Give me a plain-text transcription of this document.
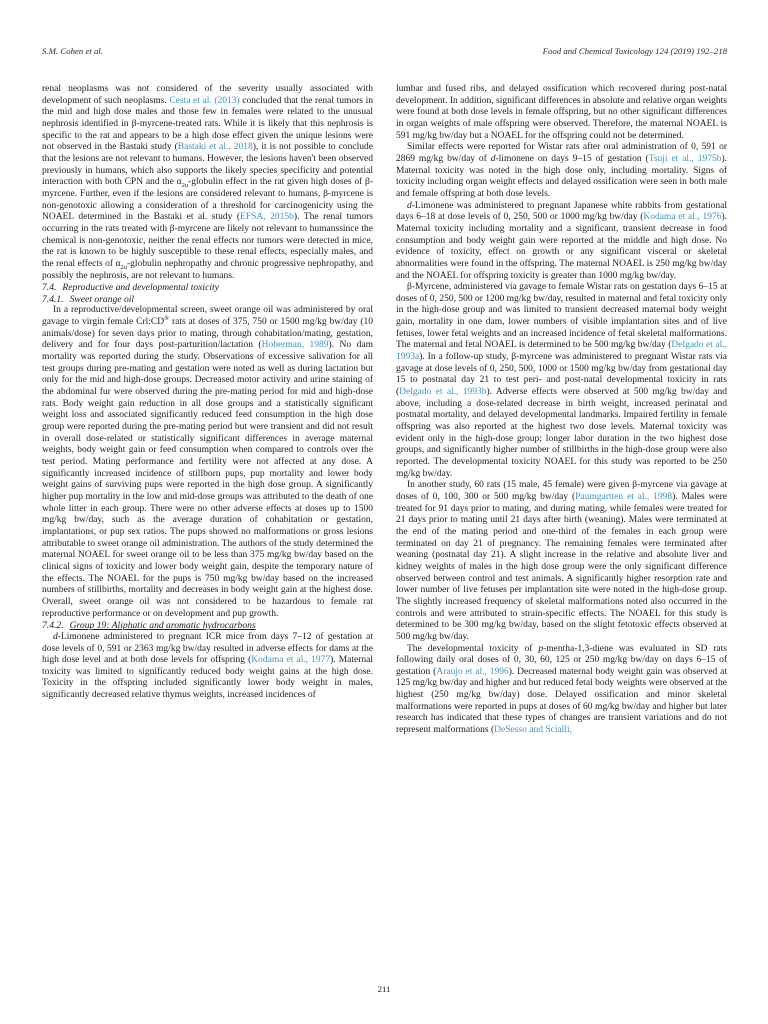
S.M. Cohen et al.	Food and Chemical Toxicology 124 (2019) 192–218

renal neoplasms was not considered of the severity usually associated with development of such neoplasms. Cesta et al. (2013) concluded that the renal tumors in the mid and high dose males and those few in females were related to the unusual nephrosis identified in β-myrcene-treated rats. While it is likely that this nephrosis is specific to the rat and appears to be a high dose effect given the unique lesions were not observed in the Bastaki study (Bastaki et al., 2018), it is not possible to conclude that the lesions are not relevant to humans. However, the lesions haven't been observed previously in humans, which also supports the likely species specificity and potential interaction with both CPN and the $\alpha_{2u}$-globulin effect in the rat given high doses of β-myrcene. Further, even if the lesions are considered relevant to humans, β-myrcene is non-genotoxic allowing a consideration of a threshold for carcinogenicity using the NOAEL determined in the Bastaki et al. study (EFSA, 2015b). The renal tumors occurring in the rats treated with β-myrcene are likely not relevant to humanssince the chemical is non-genotoxic, neither the renal effects nor tumors were detected in mice, the rat is known to be highly susceptible to these renal effects, especially males, and the renal effects of $\alpha_{2u}$-globulin nephropathy and chronic progressive nephropathy, and possibly the nephrosis, are not relevant to humans.

7.4. Reproductive and developmental toxicity

7.4.1. Sweet orange oil

In a reproductive/developmental screen, sweet orange oil was administered by oral gavage to virgin female Crl:CD® rats at doses of 375, 750 or 1500 mg/kg bw/day (10 animals/dose) for seven days prior to mating, through cohabitation/mating, gestation, delivery and for four days post-parturition/lactation (Hoberman, 1989). No dam mortality was reported during the study. Observations of excessive salivation for all test groups during pre-mating and gestation were noted as well as during lactation but only for the mid and high-dose groups. Decreased motor activity and urine staining of the abdominal fur were observed during the pre-mating period for mid and high-dose rats. Body weight gain reduction in all dose groups and a statistically significant weight loss and associated significantly reduced feed consumption in the high dose group were reported during the pre-mating period but were transient and did not result in overall dose-related or statistically significant differences in average maternal weights, body weight gain or feed consumption when compared to controls over the test period. Mating performance and fertility were not affected at any dose. A significantly increased incidence of stillborn pups, pup mortality and lower body weight gains of surviving pups were reported in the high dose group. A significantly higher pup mortality in the low and mid-dose groups was attributed to the death of one whole litter in each group. There were no other adverse effects at doses up to 1500 mg/kg bw/day, such as the average duration of cohabitation or gestation, implantations, or pup sex ratios. The pups showed no malformations or gross lesions attributable to sweet orange oil administration. The authors of the study determined the maternal NOAEL for sweet orange oil to be less than 375 mg/kg bw/day based on the clinical signs of toxicity and lower body weight gain, despite the temporary nature of the effects. The NOAEL for the pups is 750 mg/kg bw/day based on the increased numbers of stillbirths, mortality and decreases in body weight gain at the highest dose. Overall, sweet orange oil was not considered to be hazardous to female rat reproductive performance or on development and pup growth.

7.4.2. Group 19: Aliphatic and aromatic hydrocarbons

d-Limonene administered to pregnant ICR mice from days 7–12 of gestation at dose levels of 0, 591 or 2363 mg/kg bw/day resulted in adverse effects for dams at the high dose level and at both dose levels for offspring (Kodama et al., 1977). Maternal toxicity was limited to significantly reduced body weight gains at the high dose. Toxicity in the offspring included significantly lower body weight in males, significantly decreased relative thymus weights, increased incidences of

lumbar and fused ribs, and delayed ossification which recovered during post-natal development. In addition, significant differences in absolute and relative organ weights were found at both dose levels in female offspring, but no other significant differences in organ weights of male offspring were observed. Therefore, the maternal NOAEL is 591 mg/kg bw/day but a NOAEL for the offspring could not be determined.

Similar effects were reported for Wistar rats after oral administration of 0, 591 or 2869 mg/kg bw/day of d-limonene on days 9–15 of gestation (Tsuji et al., 1975b). Maternal toxicity was noted in the high dose only, including mortality. Signs of toxicity including organ weight effects and delayed ossification were seen in both male and female offspring at both dose levels.

d-Limonene was administered to pregnant Japanese white rabbits from gestational days 6–18 at dose levels of 0, 250, 500 or 1000 mg/kg bw/day (Kodama et al., 1976). Maternal toxicity including mortality and a significant, transient decrease in food consumption and body weight gain were reported at the middle and high dose. No evidence of toxicity, effect on growth or any significant visceral or skeletal abnormalities were found in the offspring. The maternal NOAEL is 250 mg/kg bw/day and the NOAEL for offspring toxicity is greater than 1000 mg/kg bw/day.

β-Myrcene, administered via gavage to female Wistar rats on gestation days 6–15 at doses of 0, 250, 500 or 1200 mg/kg bw/day, resulted in maternal and fetal toxicity only in the high-dose group and was limited to transient decreased maternal body weight gain, mortality in one dam, lower numbers of visible implantation sites and of live fetuses, lower fetal weights and an increased incidence of fetal skeletal malformations. The maternal and fetal NOAEL is determined to be 500 mg/kg bw/day (Delgado et al., 1993a). In a follow-up study, β-myrcene was administered to pregnant Wistar rats via gavage at dose levels of 0, 250, 500, 1000 or 1500 mg/kg bw/day from gestational day 15 to postnatal day 21 to test peri- and post-natal developmental toxicity in rats (Delgado et al., 1993b). Adverse effects were observed at 500 mg/kg bw/day and above, including a dose-related decrease in birth weight, increased perinatal and postnatal mortality, and delayed developmental landmarks. Impaired fertility in female offspring was also reported at the highest two dose levels. Maternal toxicity was evident only in the high-dose group; longer labor duration in the two highest dose groups, and significantly higher number of stillbirths in the high-dose group were also reported. The developmental toxicity NOAEL for this study was reported to be 250 mg/kg bw/day.

In another study, 60 rats (15 male, 45 female) were given β-myrcene via gavage at doses of 0, 100, 300 or 500 mg/kg bw/day (Paumgartten et al., 1998). Males were treated for 91 days prior to mating, and during mating, while females were treated for 21 days prior to mating until 21 days after birth (weaning). Males were terminated at the end of the mating period and one-third of the females in each group were terminated on day 21 of pregnancy. The remaining females were terminated after weaning (postnatal day 21). A slight increase in the relative and absolute liver and kidney weights of males in the high dose group were the only significant difference observed between control and test animals. A significantly higher resorption rate and lower number of live fetuses per implantation site were noted in the high-dose group. The slightly increased frequency of skeletal malformations noted also occurred in the controls and were attributed to strain-specific effects. The NOAEL for this study is determined to be 300 mg/kg bw/day, based on the slight fetotoxic effects observed at 500 mg/kg bw/day.

The developmental toxicity of p-mentha-1,3-diene was evaluated in SD rats following daily oral doses of 0, 30, 60, 125 or 250 mg/kg bw/day on days 6–15 of gestation (Araujo et al., 1996). Decreased maternal body weight gain was observed at 125 mg/kg bw/day and higher and but reduced fetal body weights were observed at the highest (250 mg/kg bw/day) dose. Delayed ossification and minor skeletal malformations were reported in pups at doses of 60 mg/kg bw/day and higher but later research has indicated that these types of changes are transient variations and do not represent malformations (DeSesso and Scialli,

211
